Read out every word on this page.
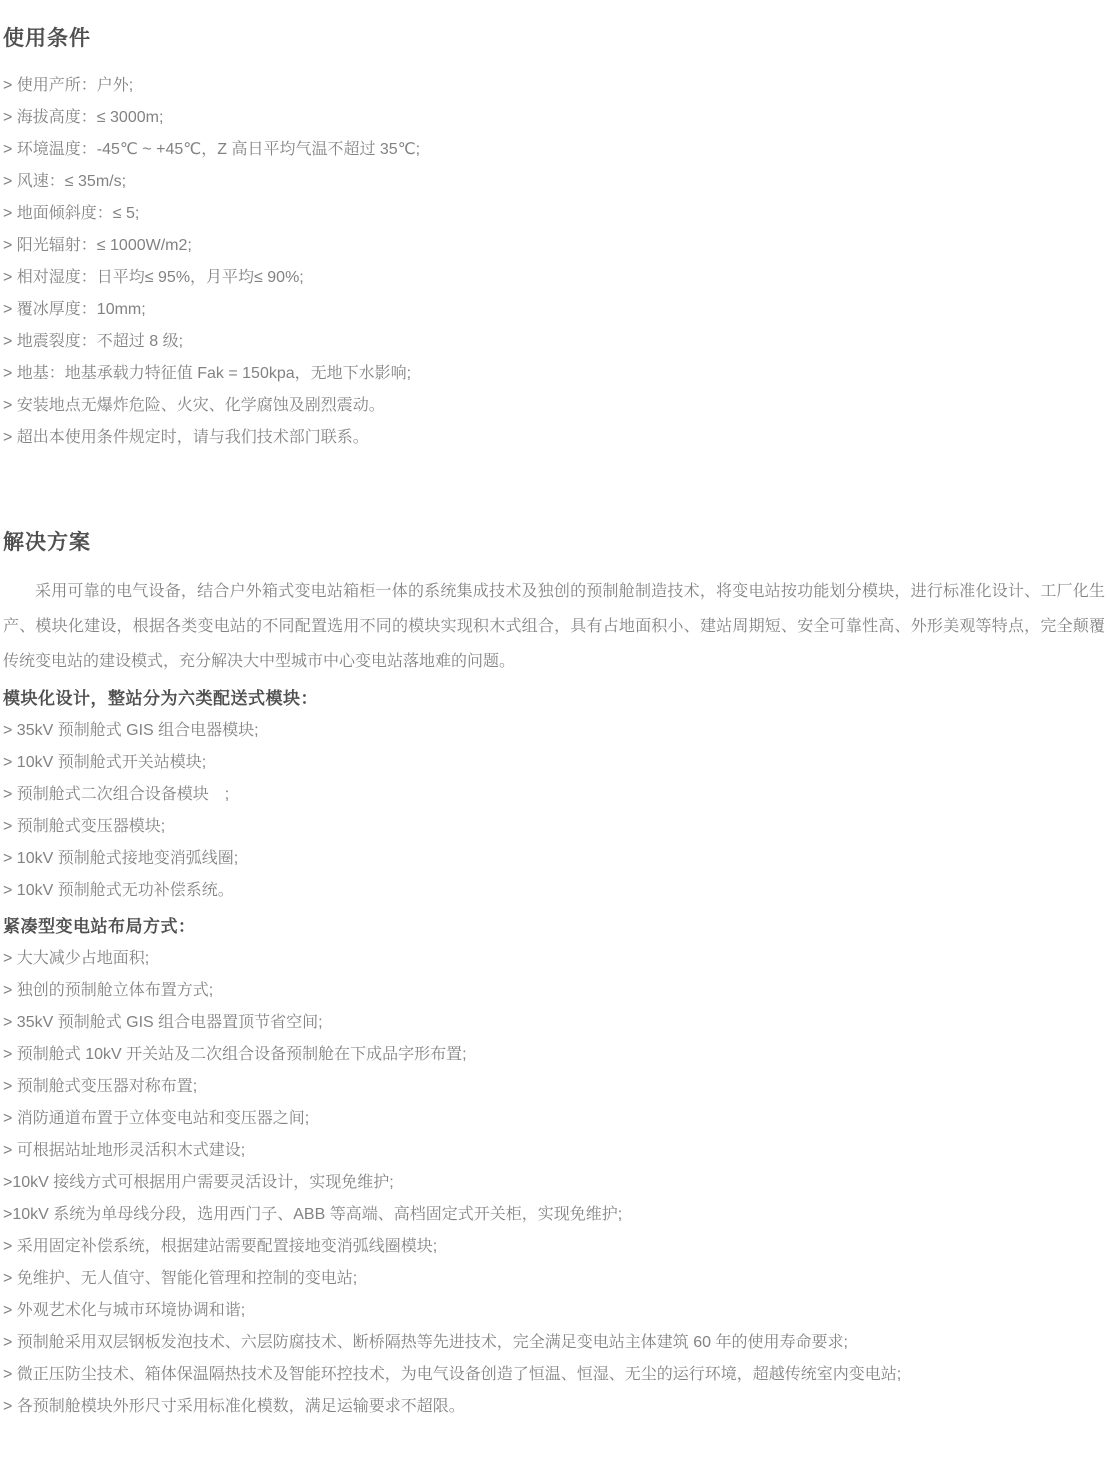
使用条件
> 使用产所：户外;
> 海拔高度：≤ 3000m;
> 环境温度：-45℃ ~ +45℃，Z 高日平均气温不超过 35℃;
> 风速：≤ 35m/s;
> 地面倾斜度：≤ 5;
> 阳光辐射：≤ 1000W/m2;
> 相对湿度：日平均≤ 95%，月平均≤ 90%;
> 覆冰厚度：10mm;
> 地震裂度：不超过 8 级;
> 地基：地基承载力特征值 Fak = 150kpa，无地下水影响;
> 安装地点无爆炸危险、火灾、化学腐蚀及剧烈震动。
> 超出本使用条件规定时，请与我们技术部门联系。
解决方案

采用可靠的电气设备，结合户外箱式变电站箱柜一体的系统集成技术及独创的预制舱制造技术，将变电站按功能划分模块，进行标准化设计、工厂化生产、模块化建设，根据各类变电站的不同配置选用不同的模块实现积木式组合，具有占地面积小、建站周期短、安全可靠性高、外形美观等特点，完全颠覆传统变电站的建设模式，充分解决大中型城市中心变电站落地难的问题。

模块化设计，整站分为六类配送式模块：
> 35kV 预制舱式 GIS 组合电器模块;
> 10kV 预制舱式开关站模块;
> 预制舱式二次组合设备模块　;
> 预制舱式变压器模块;
> 10kV 预制舱式接地变消弧线圈;
> 10kV 预制舱式无功补偿系统。
紧凑型变电站布局方式：
> 大大减少占地面积;
> 独创的预制舱立体布置方式;
> 35kV 预制舱式 GIS 组合电器置顶节省空间;
> 预制舱式 10kV 开关站及二次组合设备预制舱在下成品字形布置;
> 预制舱式变压器对称布置;
> 消防通道布置于立体变电站和变压器之间;
> 可根据站址地形灵活积木式建设;
>10kV 接线方式可根据用户需要灵活设计，实现免维护;
>10kV 系统为单母线分段，选用西门子、ABB 等高端、高档固定式开关柜，实现免维护;
> 采用固定补偿系统，根据建站需要配置接地变消弧线圈模块;
> 免维护、无人值守、智能化管理和控制的变电站;
> 外观艺术化与城市环境协调和谐;
> 预制舱采用双层钢板发泡技术、六层防腐技术、断桥隔热等先进技术，完全满足变电站主体建筑 60 年的使用寿命要求;
> 微正压防尘技术、箱体保温隔热技术及智能环控技术，为电气设备创造了恒温、恒湿、无尘的运行环境，超越传统室内变电站;
> 各预制舱模块外形尺寸采用标准化模数，满足运输要求不超限。
